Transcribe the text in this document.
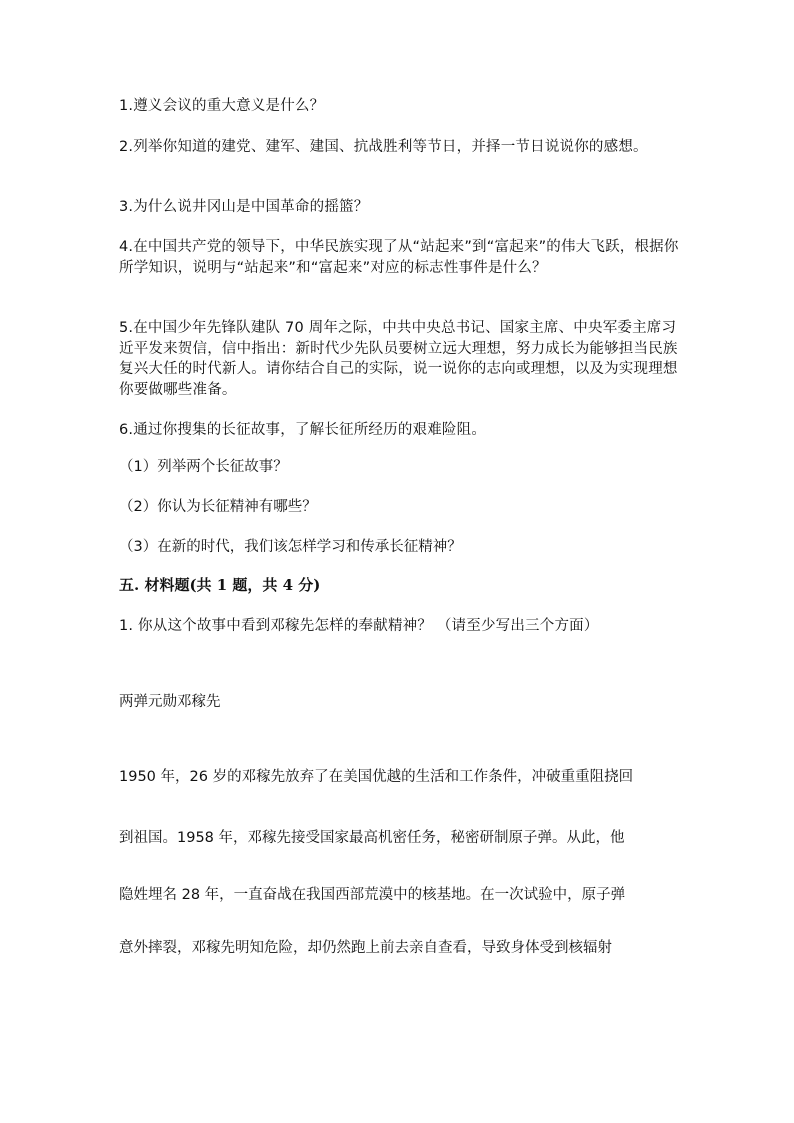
1.遵义会议的重大意义是什么？
2.列举你知道的建党、建军、建国、抗战胜利等节日，并择一节日说说你的感想。
3.为什么说井冈山是中国革命的摇篮？
4.在中国共产党的领导下，中华民族实现了从“站起来”到“富起来”的伟大飞跃，根据你所学知识，说明与“站起来”和“富起来”对应的标志性事件是什么？
5.在中国少年先锋队建队 70 周年之际，中共中央总书记、国家主席、中央军委主席习近平发来贺信，信中指出：新时代少先队员要树立远大理想，努力成长为能够担当民族复兴大任的时代新人。请你结合自己的实际，说一说你的志向或理想，以及为实现理想你要做哪些准备。
6.通过你搜集的长征故事，了解长征所经历的艰难险阻。
（1）列举两个长征故事？
（2）你认为长征精神有哪些？
（3）在新的时代，我们该怎样学习和传承长征精神？
五. 材料题(共 1 题，共 4 分)
1. 你从这个故事中看到邓稼先怎样的奉献精神？ （请至少写出三个方面）
两弹元勋邓稼先
1950 年，26 岁的邓稼先放弃了在美国优越的生活和工作条件，冲破重重阻挠回
到祖国。1958 年，邓稼先接受国家最高机密任务，秘密研制原子弹。从此，他
隐姓埋名 28 年，一直奋战在我国西部荒漠中的核基地。在一次试验中，原子弹
意外摔裂，邓稼先明知危险，却仍然跑上前去亲自查看，导致身体受到核辐射
